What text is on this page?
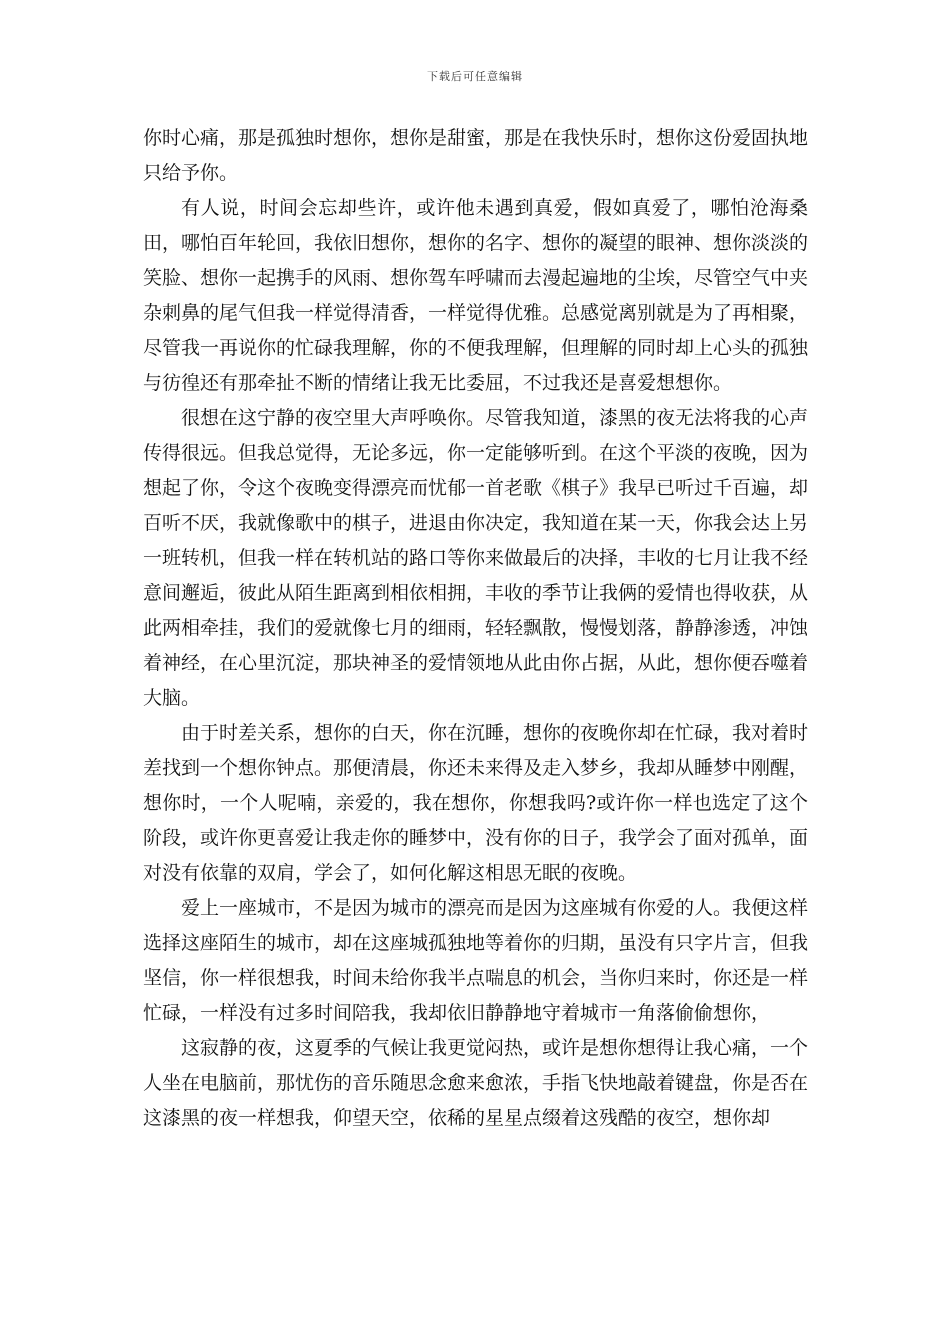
下载后可任意编辑

你时心痛，那是孤独时想你，想你是甜蜜，那是在我快乐时，想你这份爱固执地只给予你。

有人说，时间会忘却些许，或许他未遇到真爱，假如真爱了，哪怕沧海桑田，哪怕百年轮回，我依旧想你，想你的名字、想你的凝望的眼神、想你淡淡的笑脸、想你一起携手的风雨、想你驾车呼啸而去漫起遍地的尘埃，尽管空气中夹杂刺鼻的尾气但我一样觉得清香，一样觉得优雅。总感觉离别就是为了再相聚，尽管我一再说你的忙碌我理解，你的不便我理解，但理解的同时却上心头的孤独与彷徨还有那牵扯不断的情绪让我无比委屈，不过我还是喜爱想想你。

很想在这宁静的夜空里大声呼唤你。尽管我知道，漆黑的夜无法将我的心声传得很远。但我总觉得，无论多远，你一定能够听到。在这个平淡的夜晚，因为想起了你，令这个夜晚变得漂亮而忧郁一首老歌《棋子》我早已听过千百遍，却百听不厌，我就像歌中的棋子，进退由你决定，我知道在某一天，你我会达上另一班转机，但我一样在转机站的路口等你来做最后的决择，丰收的七月让我不经意间邂逅，彼此从陌生距离到相依相拥，丰收的季节让我俩的爱情也得收获，从此两相牵挂，我们的爱就像七月的细雨，轻轻飘散，慢慢划落，静静渗透，冲蚀着神经，在心里沉淀，那块神圣的爱情领地从此由你占据，从此，想你便吞噬着大脑。

由于时差关系，想你的白天，你在沉睡，想你的夜晚你却在忙碌，我对着时差找到一个想你钟点。那便清晨，你还未来得及走入梦乡，我却从睡梦中刚醒，想你时，一个人呢喃，亲爱的，我在想你，你想我吗?或许你一样也选定了这个阶段，或许你更喜爱让我走你的睡梦中，没有你的日子，我学会了面对孤单，面对没有依靠的双肩，学会了，如何化解这相思无眠的夜晚。

爱上一座城市，不是因为城市的漂亮而是因为这座城有你爱的人。我便这样选择这座陌生的城市，却在这座城孤独地等着你的归期，虽没有只字片言，但我坚信，你一样很想我，时间未给你我半点喘息的机会，当你归来时，你还是一样忙碌，一样没有过多时间陪我，我却依旧静静地守着城市一角落偷偷想你，

这寂静的夜，这夏季的气候让我更觉闷热，或许是想你想得让我心痛，一个人坐在电脑前，那忧伤的音乐随思念愈来愈浓，手指飞快地敲着键盘，你是否在这漆黑的夜一样想我，仰望天空，依稀的星星点缀着这残酷的夜空，想你却
